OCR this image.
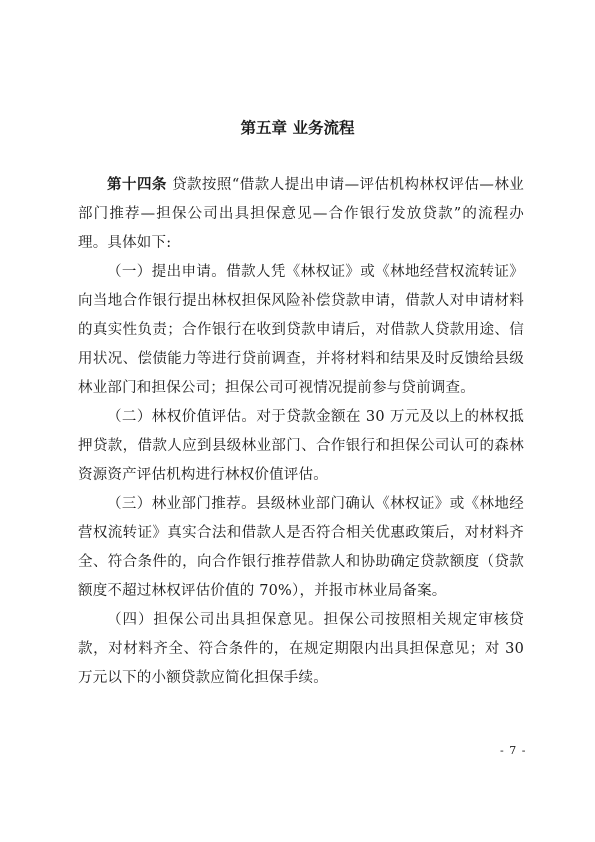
第五章 业务流程

第十四条 贷款按照“借款人提出申请—评估机构林权评估—林业部门推荐—担保公司出具担保意见—合作银行发放贷款”的流程办理。具体如下:

（一）提出申请。借款人凭《林权证》或《林地经营权流转证》向当地合作银行提出林权担保风险补偿贷款申请，借款人对申请材料的真实性负责；合作银行在收到贷款申请后，对借款人贷款用途、信用状况、偿债能力等进行贷前调查，并将材料和结果及时反馈给县级林业部门和担保公司；担保公司可视情况提前参与贷前调查。

（二）林权价值评估。对于贷款金额在 30 万元及以上的林权抵押贷款，借款人应到县级林业部门、合作银行和担保公司认可的森林资源资产评估机构进行林权价值评估。

（三）林业部门推荐。县级林业部门确认《林权证》或《林地经营权流转证》真实合法和借款人是否符合相关优惠政策后，对材料齐全、符合条件的，向合作银行推荐借款人和协助确定贷款额度（贷款额度不超过林权评估价值的 70%），并报市林业局备案。

（四）担保公司出具担保意见。担保公司按照相关规定审核贷款，对材料齐全、符合条件的，在规定期限内出具担保意见；对 30 万元以下的小额贷款应简化担保手续。

- 7 -
